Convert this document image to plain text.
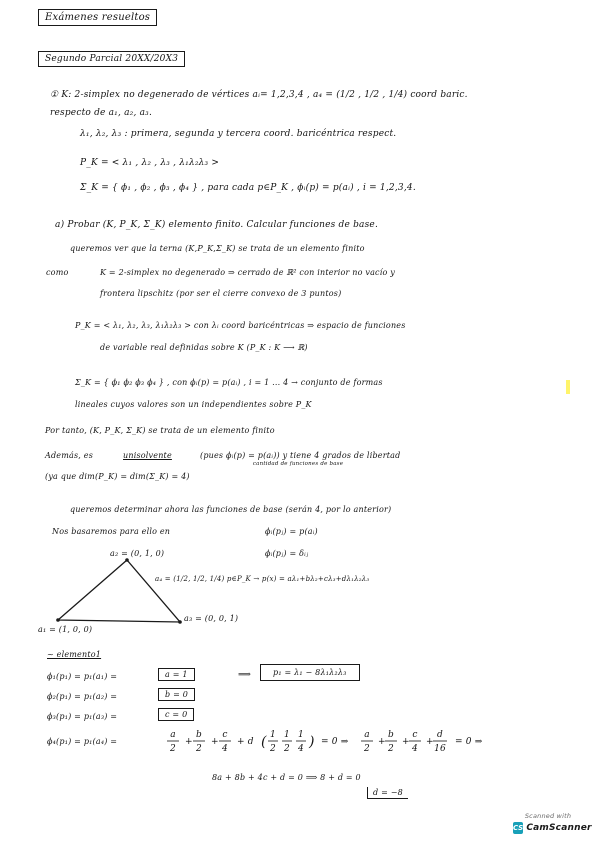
Exámenes resueltos
Segundo Parcial 20XX/20X3
① K: 2-simplex no degenerado de vértices aᵢ= 1,2,3,4 , a₄ = (1/2 , 1/2 , 1/4) coord baric.
respecto de a₁, a₂, a₃.
λ₁, λ₂, λ₃ : primera, segunda y tercera coord. baricéntrica respect.
P_K = < λ₁ , λ₂ , λ₃ , λ₁λ₂λ₃ >
Σ_K = { ϕ₁ , ϕ₂ , ϕ₃ , ϕ₄ } , para cada p∈P_K , ϕᵢ(p) = p(aᵢ) , i = 1,2,3,4.
a) Probar (K, P_K, Σ_K) elemento finito. Calcular funciones de base.
queremos ver que la terna (K,P_K,Σ_K) se trata de un elemento finito
como	K = 2-simplex no degenerado ⇒ cerrado de ℝ² con interior no vacío y
frontera lipschitz (por ser el cierre convexo de 3 puntos)
P_K = < λ₁, λ₂, λ₃, λ₁λ₂λ₃ > con λᵢ coord baricéntricas ⇒ espacio de funciones
de variable real definidas sobre K (P_K : K ⟶ ℝ)
Σ_K = { ϕ₁ ϕ₂ ϕ₃ ϕ₄ } , con ϕᵢ(p) = p(aᵢ) , i = 1 ... 4 → conjunto de formas
lineales cuyos valores son un independientes sobre P_K
Por tanto, (K, P_K, Σ_K) se trata de un elemento finito
Además, es	unisolvente	(pues ϕᵢ(p) = p(aᵢ)) y tiene 4 grados de libertad
cantidad de funciones de base
(ya que dim(P_K) = dim(Σ_K) = 4)
queremos determinar ahora las funciones de base (serán 4, por lo anterior)
Nos basaremos para ello en	ϕᵢ(pⱼ) = p(aᵢ)
ϕᵢ(pⱼ) = δᵢⱼ
a₂ = (0, 1, 0)
a₁ = (1, 0, 0)
a₃ = (0, 0, 1)
a₄ = (1/2, 1/2, 1/4) p∈P_K → p(x) = aλ₁+bλ₂+cλ₃+dλ₁λ₂λ₃
~ elemento1
ϕ₁(p₁) = p₁(a₁) =	a = 1	⟹	p₁ = λ₁ − 8λ₁λ₂λ₃
ϕ₂(p₁) = p₁(a₂) =	b = 0
ϕ₃(p₁) = p₁(a₃) =	c = 0
ϕ₄(p₁) = p₁(a₄) =
a
2
+
b
2
+
c
4
+ d ( 1
2
1
2
1
4 ) = 0 ⇒
a
2
+
b
2
+
c
4
+
d
16
= 0 ⇒
8a + 8b + 4c + d = 0 ⟹ 8 + d = 0
d = −8
Scanned with
CS CamScanner
